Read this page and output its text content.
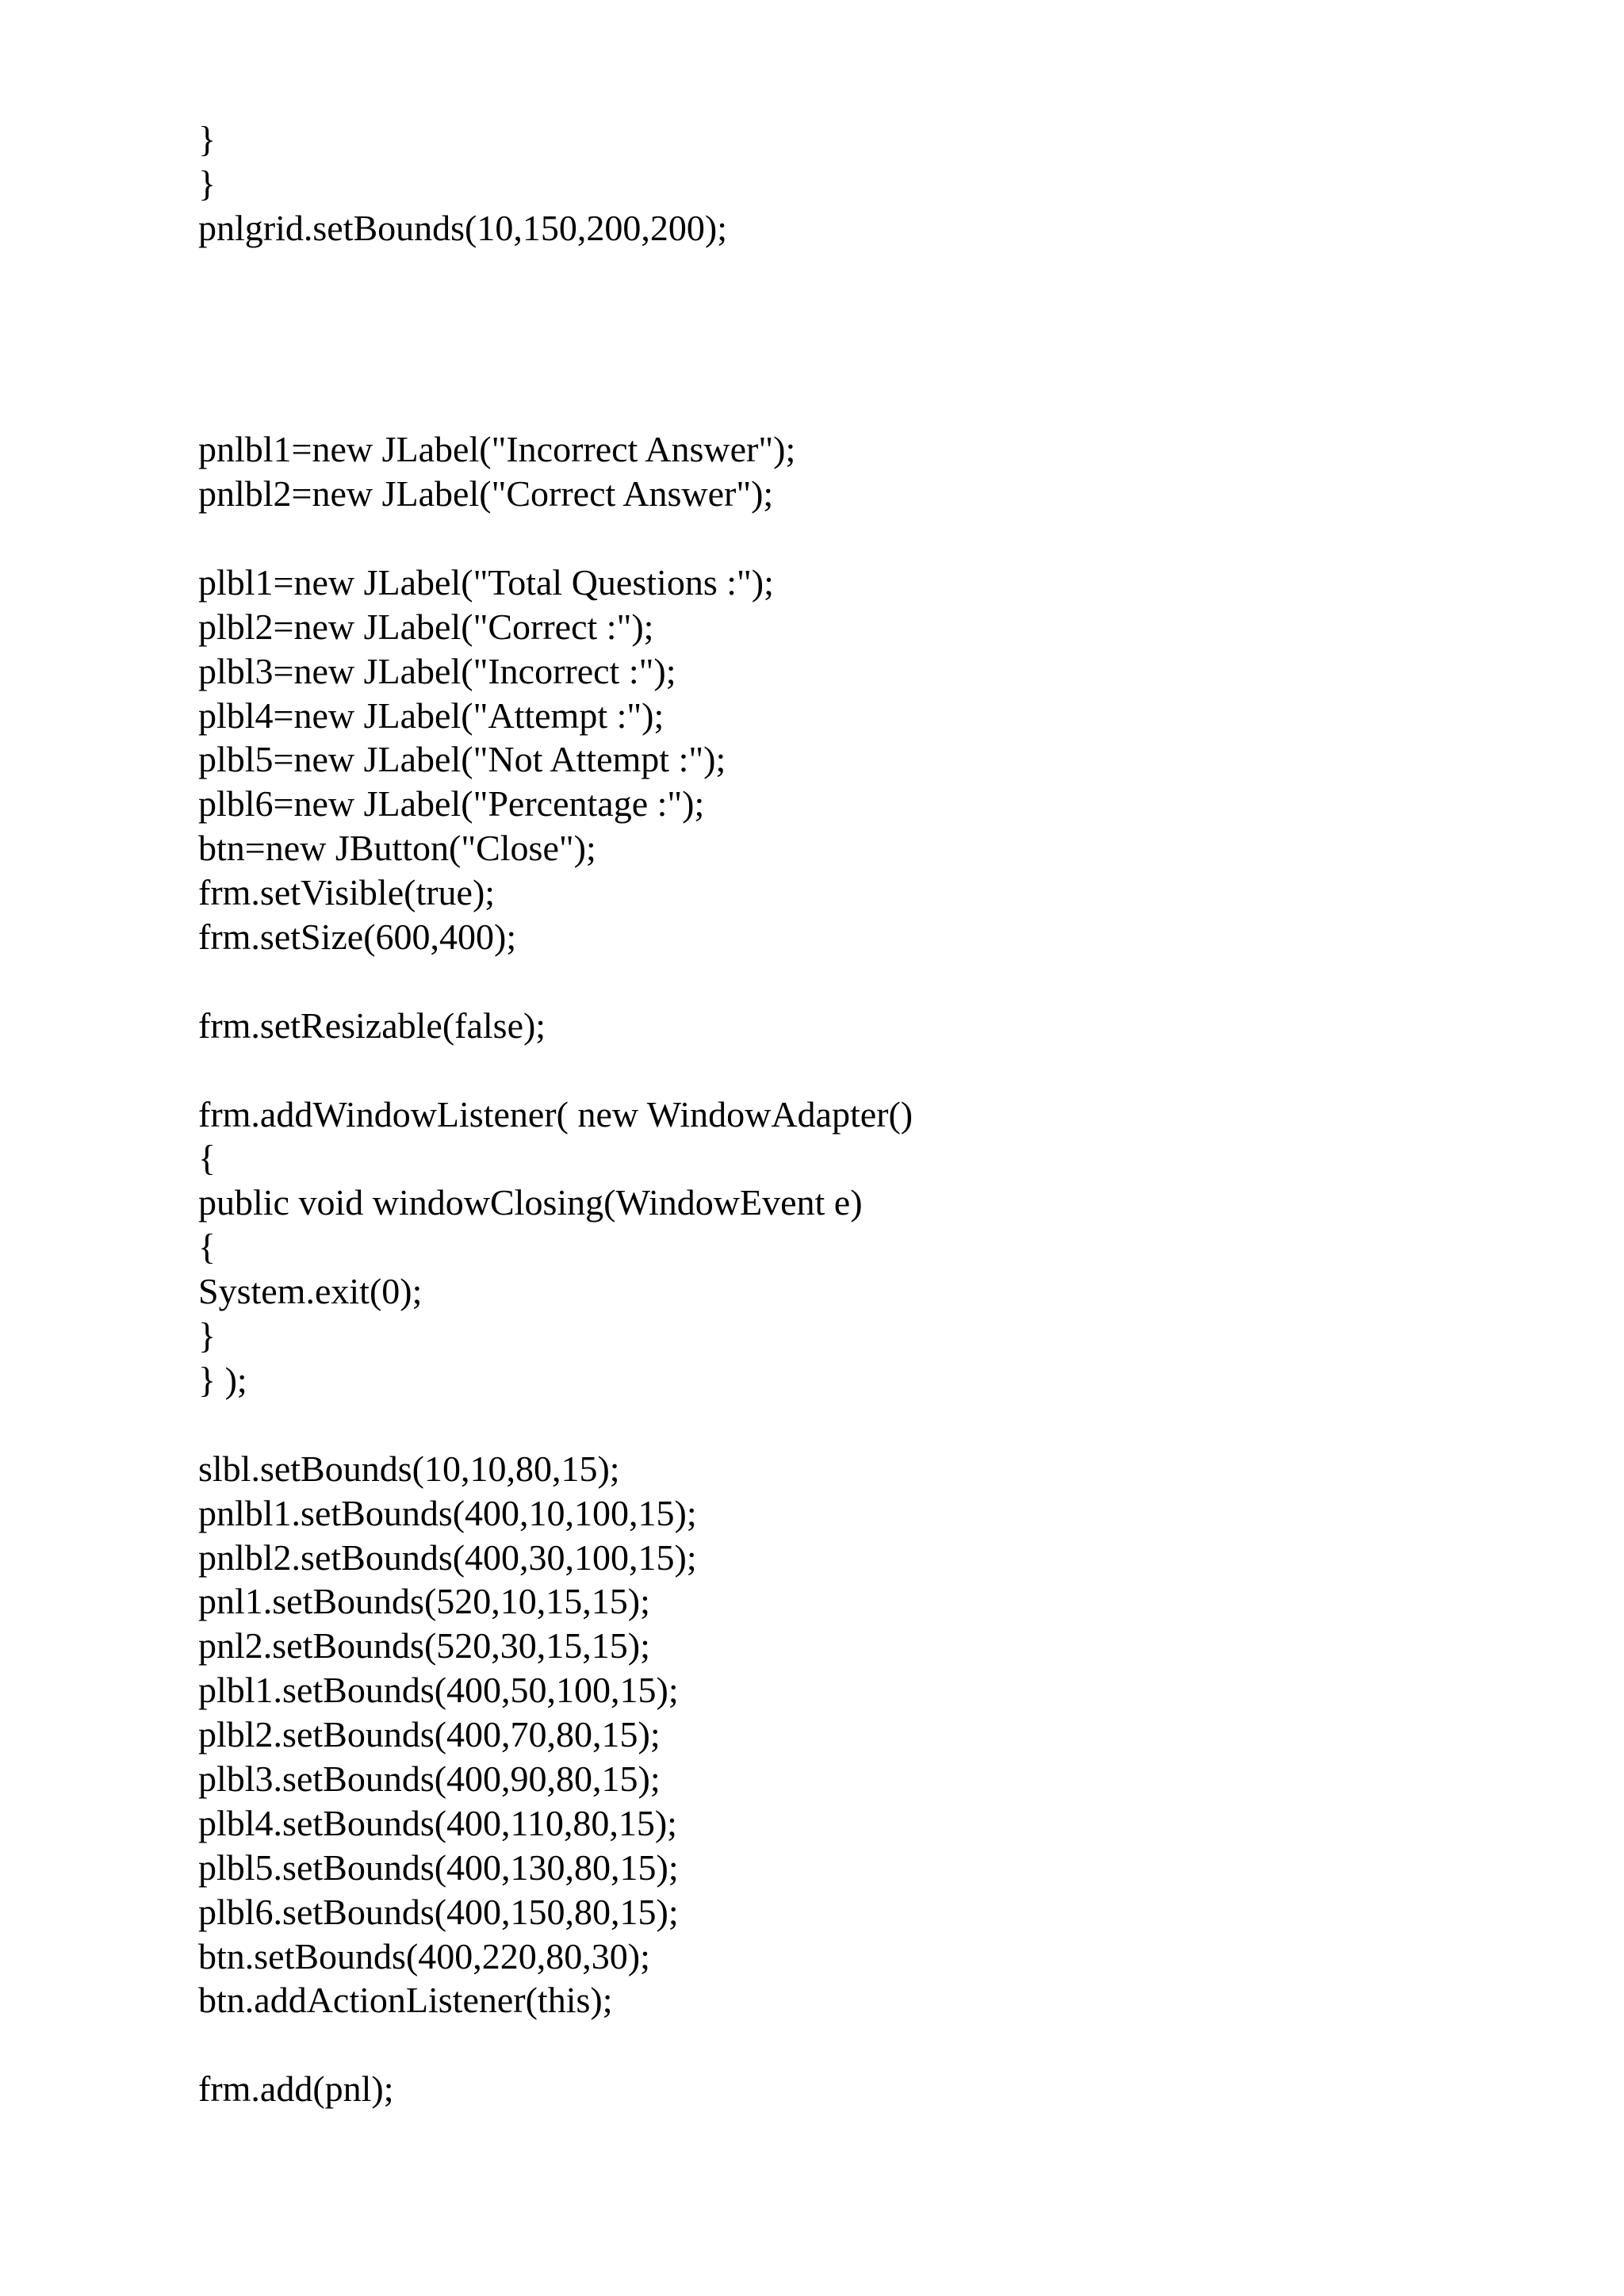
}
}
pnlgrid.setBounds(10,150,200,200);
pnlbl1=new JLabel("Incorrect Answer");
pnlbl2=new JLabel("Correct Answer");
plbl1=new JLabel("Total Questions :");
plbl2=new JLabel("Correct :");
plbl3=new JLabel("Incorrect :");
plbl4=new JLabel("Attempt :");
plbl5=new JLabel("Not Attempt :");
plbl6=new JLabel("Percentage :");
btn=new JButton("Close");
frm.setVisible(true);
frm.setSize(600,400);
frm.setResizable(false);
frm.addWindowListener( new WindowAdapter()
{
public void windowClosing(WindowEvent e)
{
System.exit(0);
}
} );
slbl.setBounds(10,10,80,15);
pnlbl1.setBounds(400,10,100,15);
pnlbl2.setBounds(400,30,100,15);
pnl1.setBounds(520,10,15,15);
pnl2.setBounds(520,30,15,15);
plbl1.setBounds(400,50,100,15);
plbl2.setBounds(400,70,80,15);
plbl3.setBounds(400,90,80,15);
plbl4.setBounds(400,110,80,15);
plbl5.setBounds(400,130,80,15);
plbl6.setBounds(400,150,80,15);
btn.setBounds(400,220,80,30);
btn.addActionListener(this);
frm.add(pnl);
